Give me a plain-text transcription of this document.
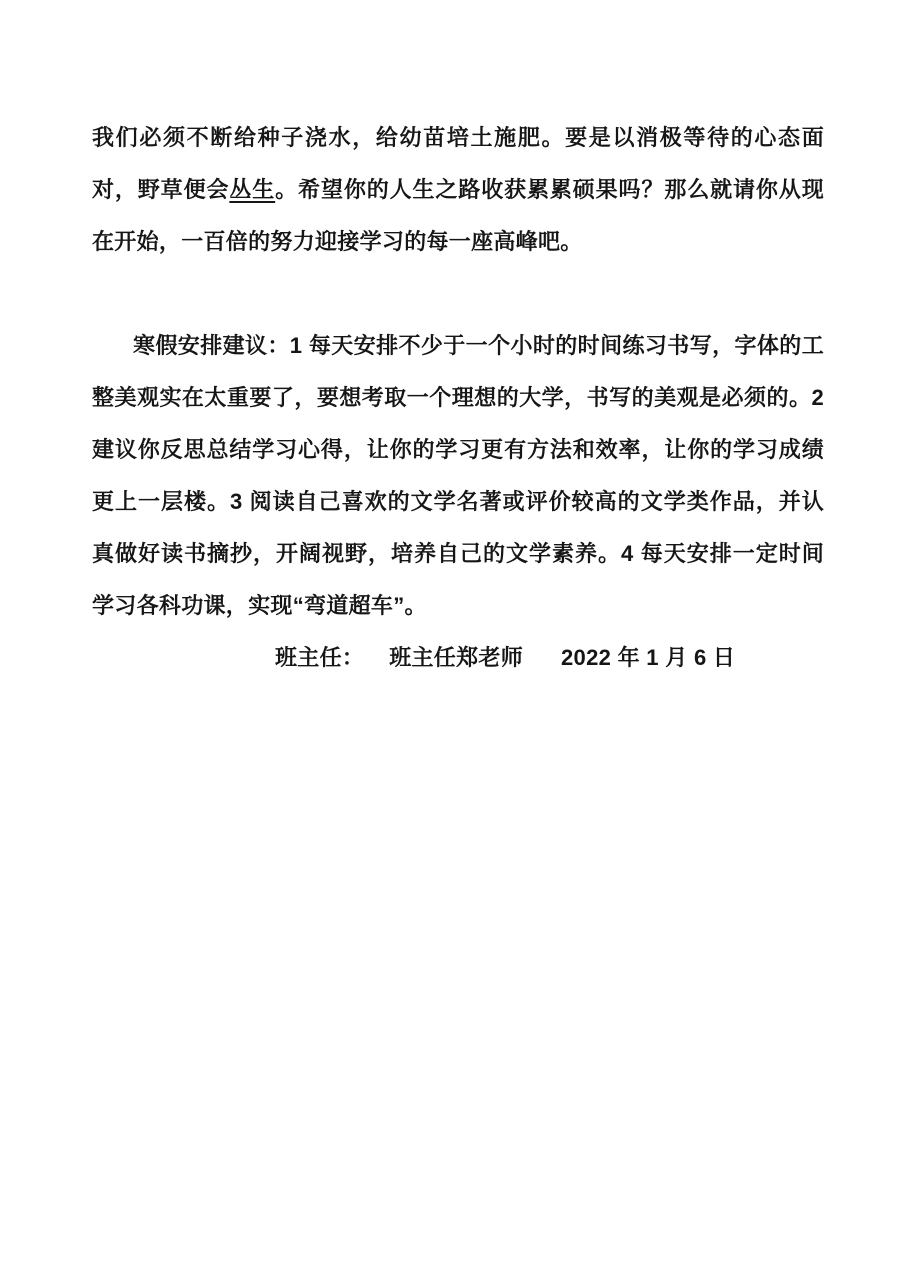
我们必须不断给种子浇水，给幼苗培土施肥。要是以消极等待的心态面对，野草便会丛生。希望你的人生之路收获累累硕果吗？那么就请你从现在开始，一百倍的努力迎接学习的每一座高峰吧。

寒假安排建议：1 每天安排不少于一个小时的时间练习书写，字体的工整美观实在太重要了，要想考取一个理想的大学，书写的美观是必须的。2 建议你反思总结学习心得，让你的学习更有方法和效率，让你的学习成绩更上一层楼。3 阅读自己喜欢的文学名著或评价较高的文学类作品，并认真做好读书摘抄，开阔视野，培养自己的文学素养。4 每天安排一定时间学习各科功课，实现“弯道超车”。

班主任： 班主任郑老师 2022 年 1 月 6 日
